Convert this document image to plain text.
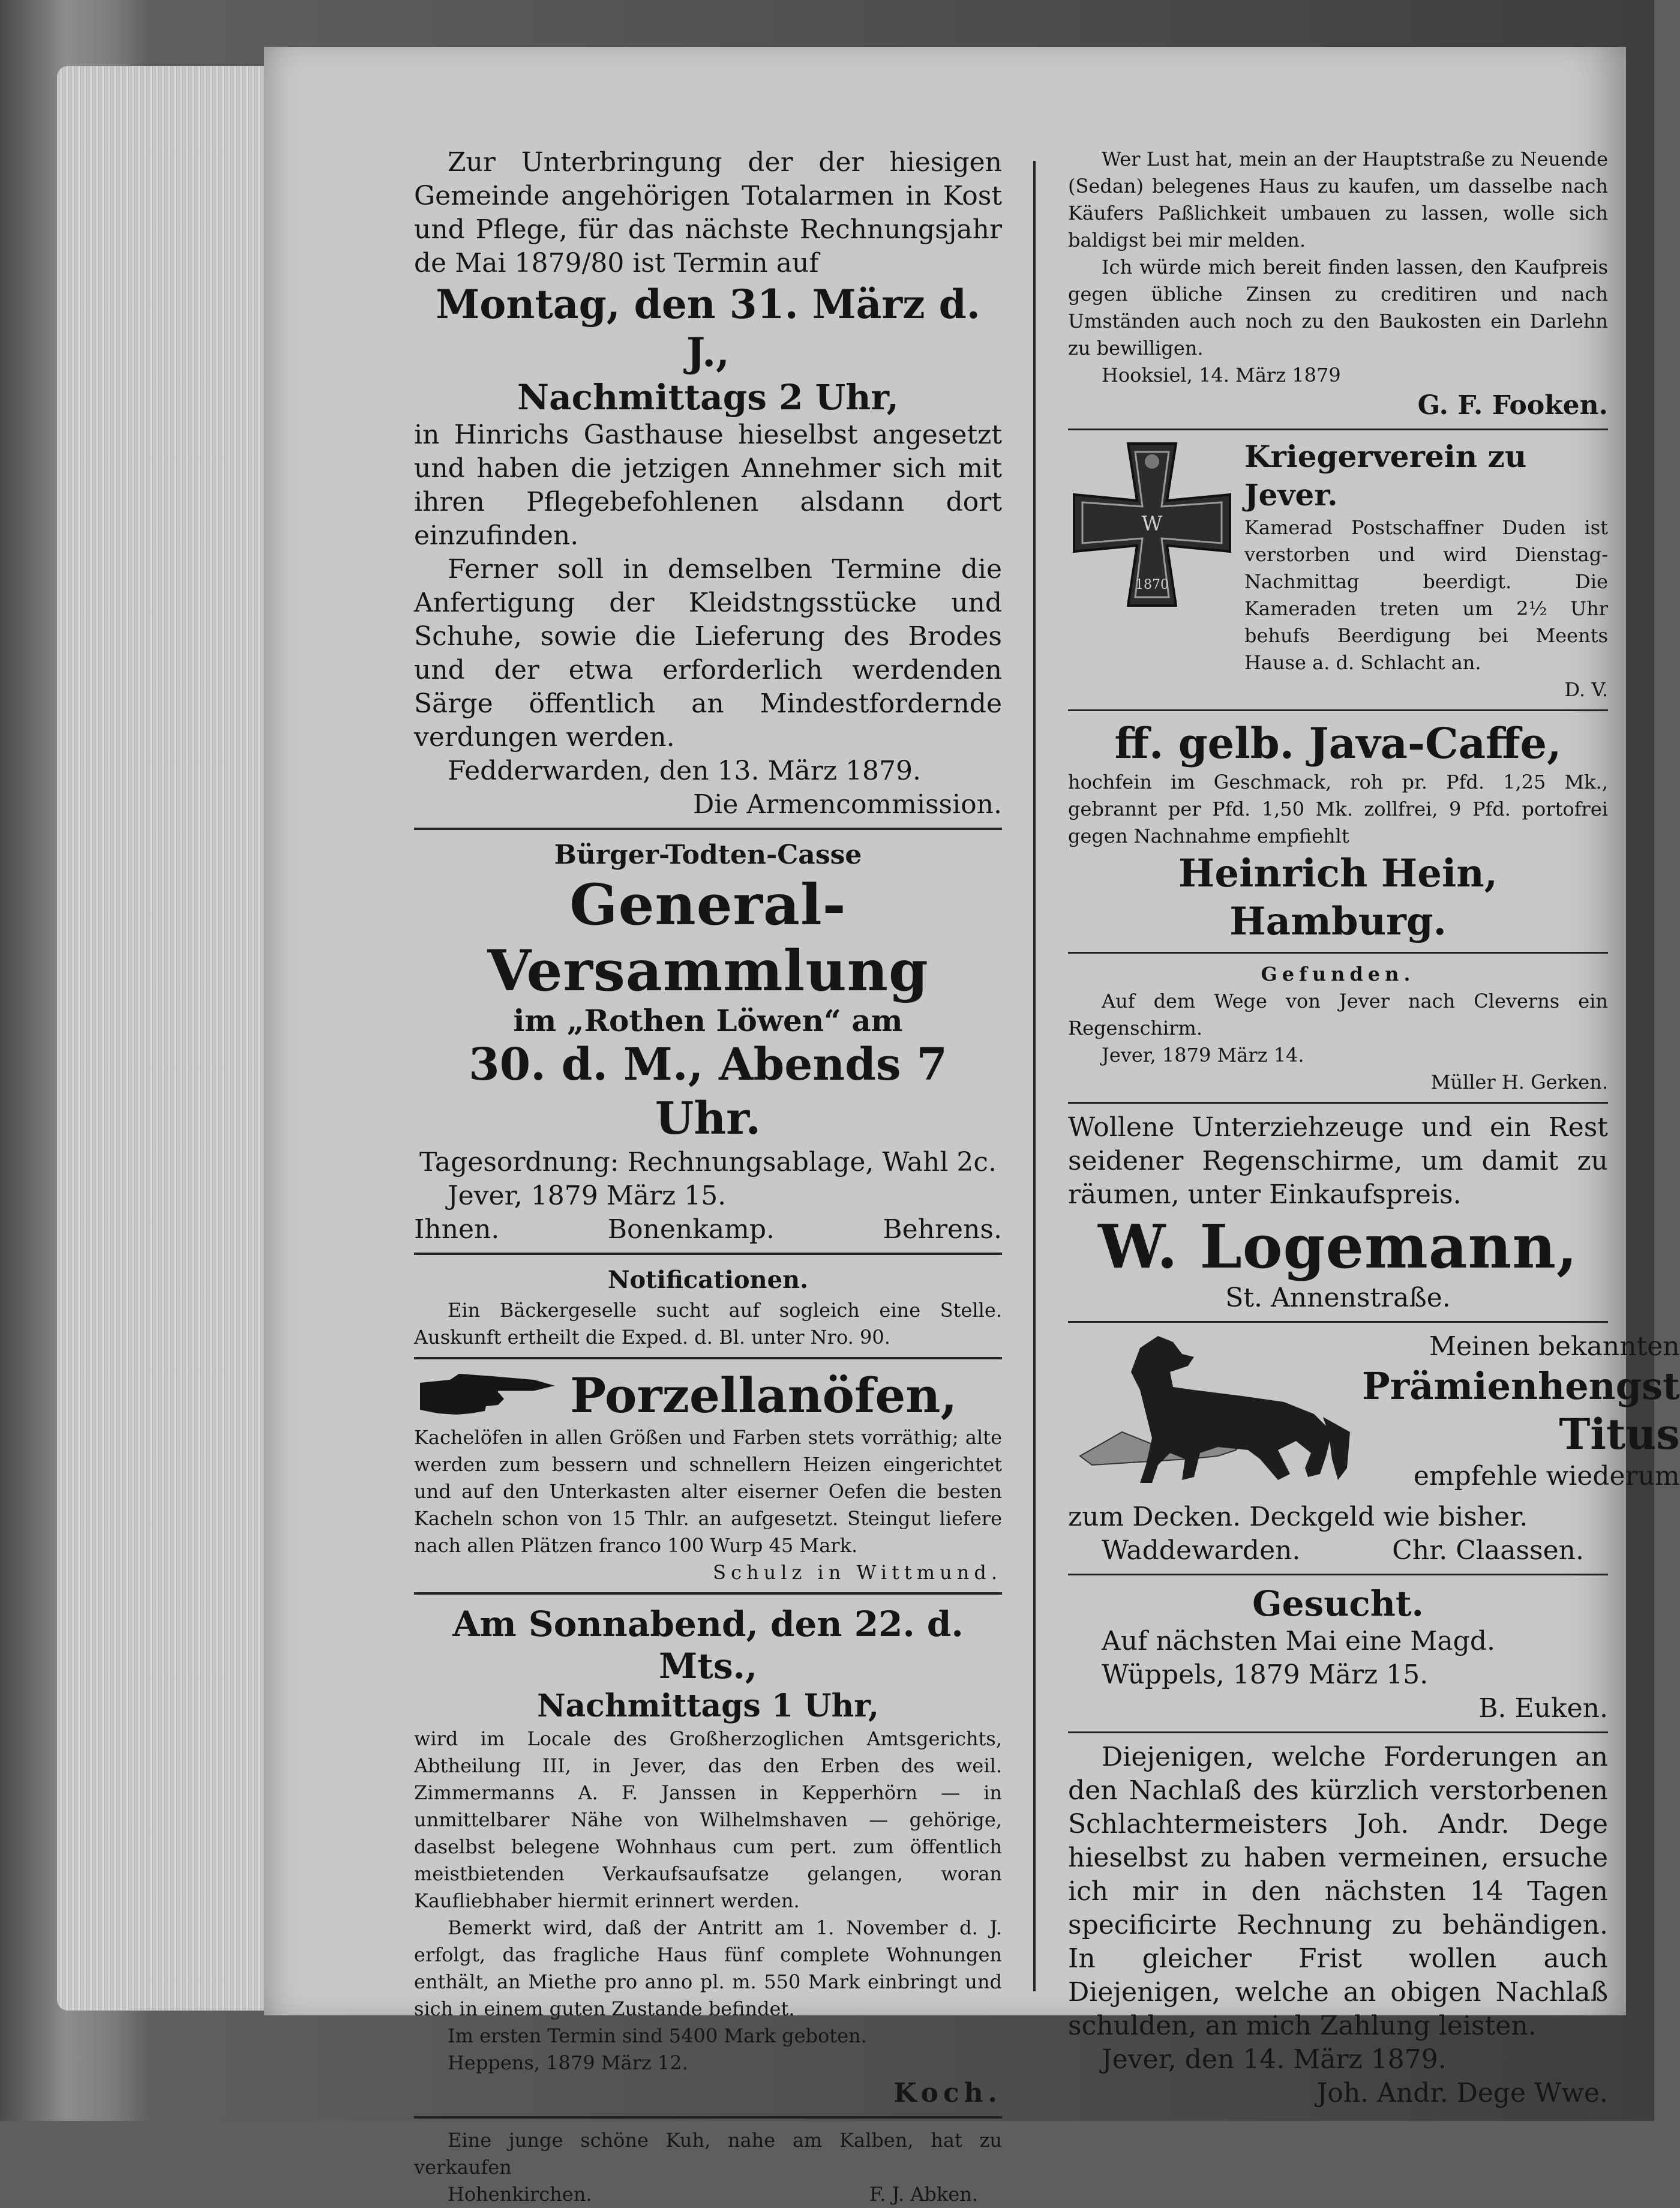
Zur Unterbringung der der hiesigen Gemeinde angehörigen Totalarmen in Kost und Pflege, für das nächste Rechnungsjahr de Mai 1879/80 ist Termin auf

Montag, den 31. März d. J.,

Nachmittags 2 Uhr,

in Hinrichs Gasthause hieselbst angesetzt und haben die jetzigen Annehmer sich mit ihren Pflegebefohlenen alsdann dort einzufinden.

Ferner soll in demselben Termine die Anfertigung der Kleidstngsstücke und Schuhe, sowie die Lieferung des Brodes und der etwa erforderlich werdenden Särge öffentlich an Mindestfordernde verdungen werden.

Fedderwarden, den 13. März 1879.

Die Armencommission.

Bürger-Todten-Casse

General-Versammlung

im „Rothen Löwen“ am

30. d. M., Abends 7 Uhr.

Tagesordnung: Rechnungsablage, Wahl 2c.

Jever, 1879 März 15.

Ihnen.	Bonenkamp.	Behrens.

Notificationen.

Ein Bäckergeselle sucht auf sogleich eine Stelle. Auskunft ertheilt die Exped. d. Bl. unter Nro. 90.

Porzellanöfen,

Kachelöfen in allen Größen und Farben stets vorräthig; alte werden zum bessern und schnellern Heizen eingerichtet und auf den Unterkasten alter eiserner Oefen die besten Kacheln schon von 15 Thlr. an aufgesetzt. Steingut liefere nach allen Plätzen franco 100 Wurp 45 Mark.

Schulz in Wittmund.

Am Sonnabend, den 22. d. Mts.,

Nachmittags 1 Uhr,

wird im Locale des Großherzoglichen Amtsgerichts, Abtheilung III, in Jever, das den Erben des weil. Zimmermanns A. F. Janssen in Kepperhörn — in unmittelbarer Nähe von Wilhelmshaven — gehörige, daselbst belegene Wohnhaus cum pert. zum öffentlich meistbietenden Verkaufsaufsatze gelangen, woran Kaufliebhaber hiermit erinnert werden.

Bemerkt wird, daß der Antritt am 1. November d. J. erfolgt, das fragliche Haus fünf complete Wohnungen enthält, an Miethe pro anno pl. m. 550 Mark einbringt und sich in einem guten Zustande befindet.

Im ersten Termin sind 5400 Mark geboten.

Heppens, 1879 März 12.

Koch.

Eine junge schöne Kuh, nahe am Kalben, hat zu verkaufen

Hohenkirchen.	F. J. Abken.

Wer Lust hat, mein an der Hauptstraße zu Neuende (Sedan) belegenes Haus zu kaufen, um dasselbe nach Käufers Paßlichkeit umbauen zu lassen, wolle sich baldigst bei mir melden.

Ich würde mich bereit finden lassen, den Kaufpreis gegen übliche Zinsen zu creditiren und nach Umständen auch noch zu den Baukosten ein Darlehn zu bewilligen.

Hooksiel, 14. März 1879

G. F. Fooken.

W
1870

Kriegerverein zu Jever.

Kamerad Postschaffner Duden ist verstorben und wird Dienstag-Nachmittag beerdigt. Die Kameraden treten um 2½ Uhr behufs Beerdigung bei Meents Hause a. d. Schlacht an.

D. V.

ff. gelb. Java-Caffe,

hochfein im Geschmack, roh pr. Pfd. 1,25 Mk., gebrannt per Pfd. 1,50 Mk. zollfrei, 9 Pfd. portofrei gegen Nachnahme empfiehlt

Heinrich Hein, Hamburg.

Gefunden.

Auf dem Wege von Jever nach Cleverns ein Regenschirm.

Jever, 1879 März 14.

Müller H. Gerken.

Wollene Unterziehzeuge und ein Rest seidener Regenschirme, um damit zu räumen, unter Einkaufspreis.

W. Logemann,

St. Annenstraße.

Meinen bekannten

Prämienhengst

Titus

empfehle wiederum

zum Decken. Deckgeld wie bisher.

Waddewarden.	Chr. Claassen.

Gesucht.

Auf nächsten Mai eine Magd.

Wüppels, 1879 März 15.

B. Euken.

Diejenigen, welche Forderungen an den Nachlaß des kürzlich verstorbenen Schlachtermeisters Joh. Andr. Dege hieselbst zu haben vermeinen, ersuche ich mir in den nächsten 14 Tagen specificirte Rechnung zu behändigen. In gleicher Frist wollen auch Diejenigen, welche an obigen Nachlaß schulden, an mich Zahlung leisten.

Jever, den 14. März 1879.

Joh. Andr. Dege Wwe.
